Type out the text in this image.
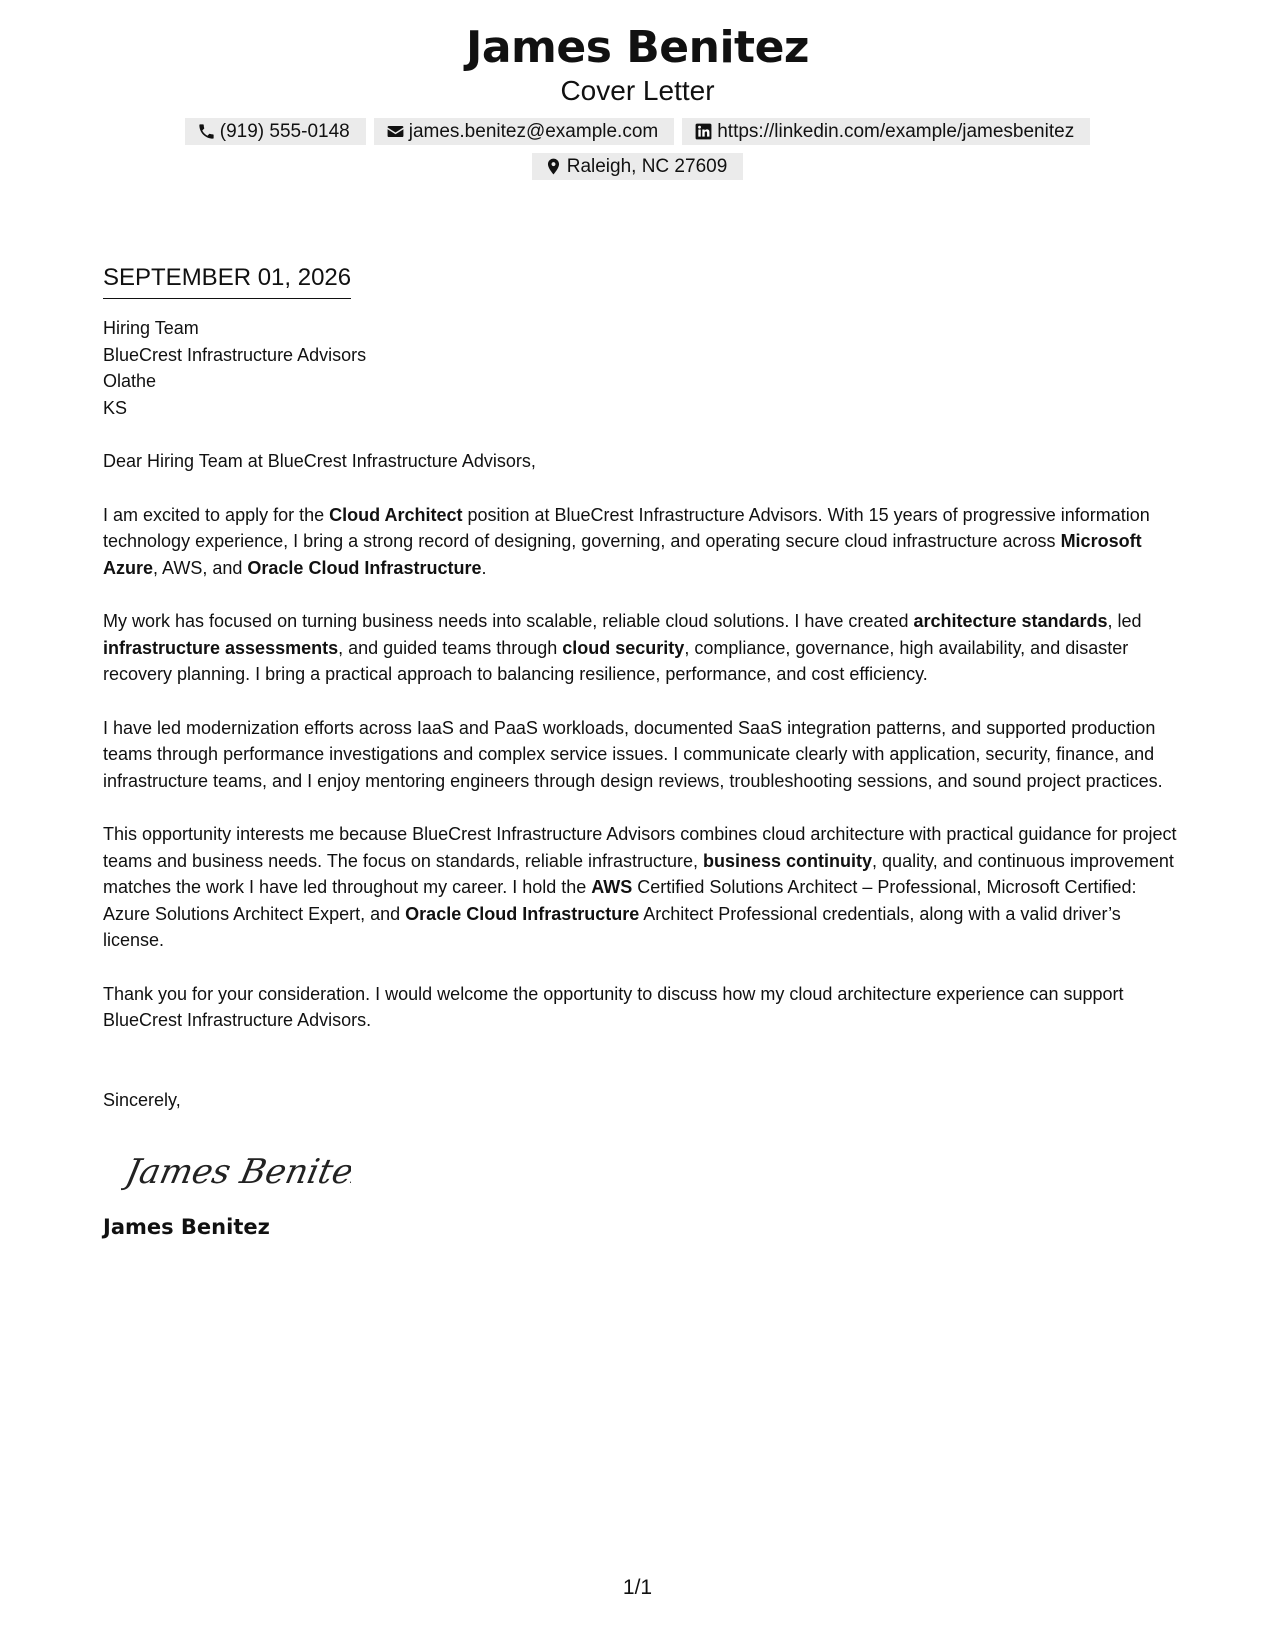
James Benitez
Cover Letter
(919) 555-0148	james.benitez@example.com	https://linkedin.com/example/jamesbenitez
Raleigh, NC 27609
SEPTEMBER 01, 2026
Hiring Team
BlueCrest Infrastructure Advisors
Olathe
KS

Dear Hiring Team at BlueCrest Infrastructure Advisors,

I am excited to apply for the Cloud Architect position at BlueCrest Infrastructure Advisors. With 15 years of progressive information technology experience, I bring a strong record of designing, governing, and operating secure cloud infrastructure across Microsoft Azure, AWS, and Oracle Cloud Infrastructure.

My work has focused on turning business needs into scalable, reliable cloud solutions. I have created architecture standards, led infrastructure assessments, and guided teams through cloud security, compliance, governance, high availability, and disaster recovery planning. I bring a practical approach to balancing resilience, performance, and cost efficiency.

I have led modernization efforts across IaaS and PaaS workloads, documented SaaS integration patterns, and supported production teams through performance investigations and complex service issues. I communicate clearly with application, security, finance, and infrastructure teams, and I enjoy mentoring engineers through design reviews, troubleshooting sessions, and sound project practices.

This opportunity interests me because BlueCrest Infrastructure Advisors combines cloud architecture with practical guidance for project teams and business needs. The focus on standards, reliable infrastructure, business continuity, quality, and continuous improvement matches the work I have led throughout my career. I hold the AWS Certified Solutions Architect – Professional, Microsoft Certified: Azure Solutions Architect Expert, and Oracle Cloud Infrastructure Architect Professional credentials, along with a valid driver’s license.

Thank you for your consideration. I would welcome the opportunity to discuss how my cloud architecture experience can support BlueCrest Infrastructure Advisors.

Sincerely,

James Benitez
James Benitez
1/1
